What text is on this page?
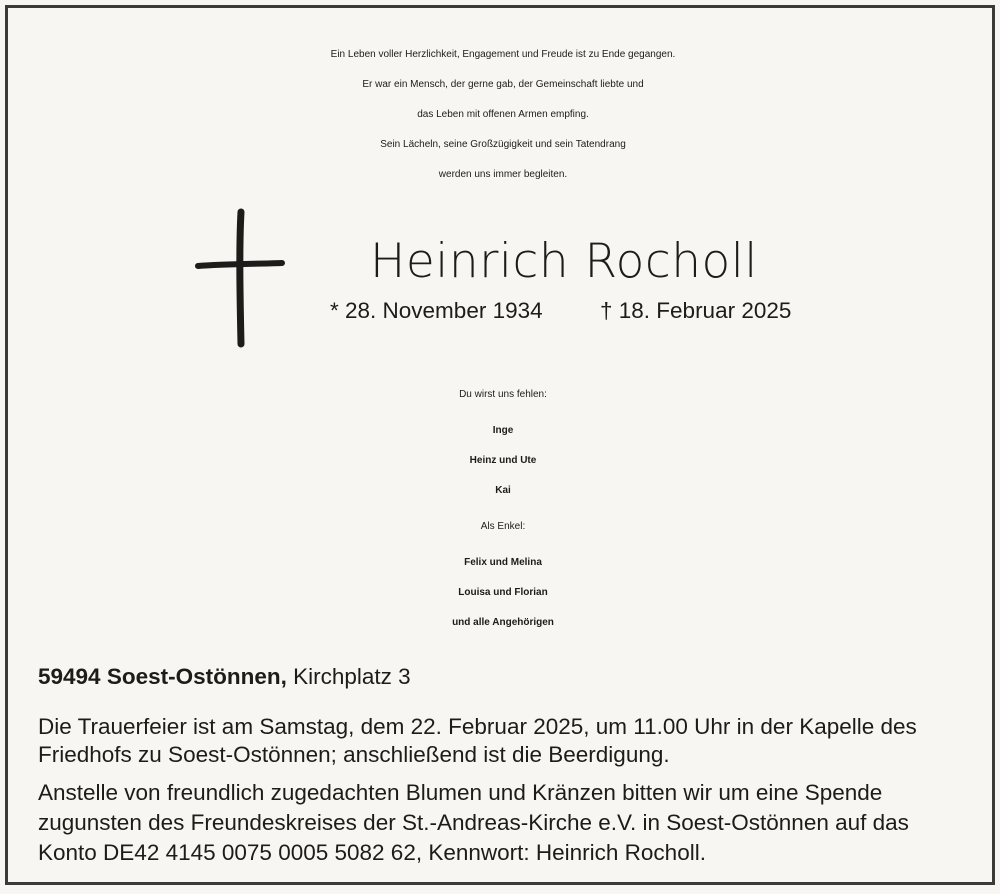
Ein Leben voller Herzlichkeit, Engagement und Freude ist zu Ende gegangen.
Er war ein Mensch, der gerne gab, der Gemeinschaft liebte und
das Leben mit offenen Armen empfing.
Sein Lächeln, seine Großzügigkeit und sein Tatendrang
werden uns immer begleiten.
Heinrich Rocholl
* 28. November 1934	† 18. Februar 2025
Du wirst uns fehlen:
Inge
Heinz und Ute
Kai
Als Enkel:
Felix und Melina
Louisa und Florian
und alle Angehörigen
59494 Soest-Ostönnen, Kirchplatz 3
Die Trauerfeier ist am Samstag, dem 22. Februar 2025, um 11.00 Uhr in der Kapelle des
Friedhofs zu Soest-Ostönnen; anschließend ist die Beerdigung.
Anstelle von freundlich zugedachten Blumen und Kränzen bitten wir um eine Spende
zugunsten des Freundeskreises der St.-Andreas-Kirche e.V. in Soest-Ostönnen auf das
Konto DE42 4145 0075 0005 5082 62, Kennwort: Heinrich Rocholl.
